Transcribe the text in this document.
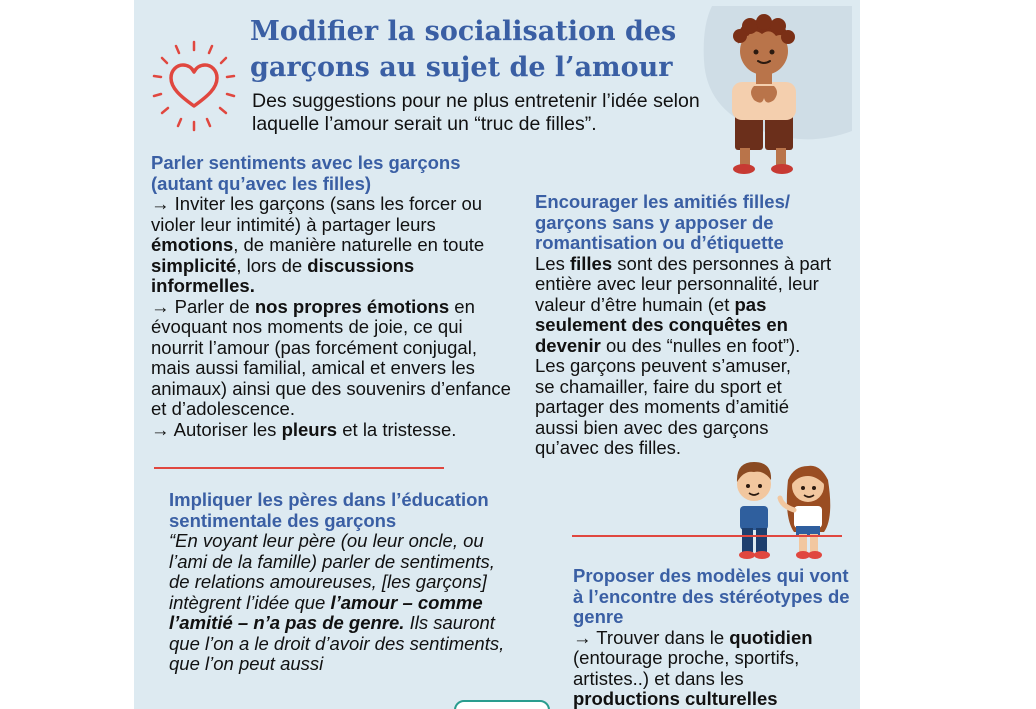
Modifier la socialisation des garçons au sujet de l’amour
Des suggestions pour ne plus entretenir l’idée selon laquelle l’amour serait un “truc de filles”.
Parler sentiments avec les garçons (autant qu’avec les filles)

→ Inviter les garçons (sans les forcer ou violer leur intimité) à partager leurs émotions, de manière naturelle en toute simplicité, lors de discussions informelles.

→ Parler de nos propres émotions en évoquant nos moments de joie, ce qui nourrit l’amour (pas forcément conjugal, mais aussi familial, amical et envers les animaux) ainsi que des souvenirs d’enfance et d’adolescence.

→ Autoriser les pleurs et la tristesse.

Encourager les amitiés filles/ garçons sans y apposer de romantisation ou d’étiquette

Les filles sont des personnes à part entière avec leur personnalité, leur valeur d’être humain (et pas seulement des conquêtes en devenir ou des “nulles en foot”).

Les garçons peuvent s’amuser, se chamailler, faire du sport et partager des moments d’amitié aussi bien avec des garçons qu’avec des filles.

Impliquer les pères dans l’éducation sentimentale des garçons

“En voyant leur père (ou leur oncle, ou l’ami de la famille) parler de sentiments, de relations amoureuses, [les garçons] intègrent l’idée que l’amour – comme l’amitié – n’a pas de genre. Ils sauront que l’on a le droit d’avoir des sentiments, que l’on peut aussi

Proposer des modèles qui vont à l’encontre des stéréotypes de genre

→ Trouver dans le quotidien (entourage proche, sportifs, artistes..) et dans les productions culturelles
